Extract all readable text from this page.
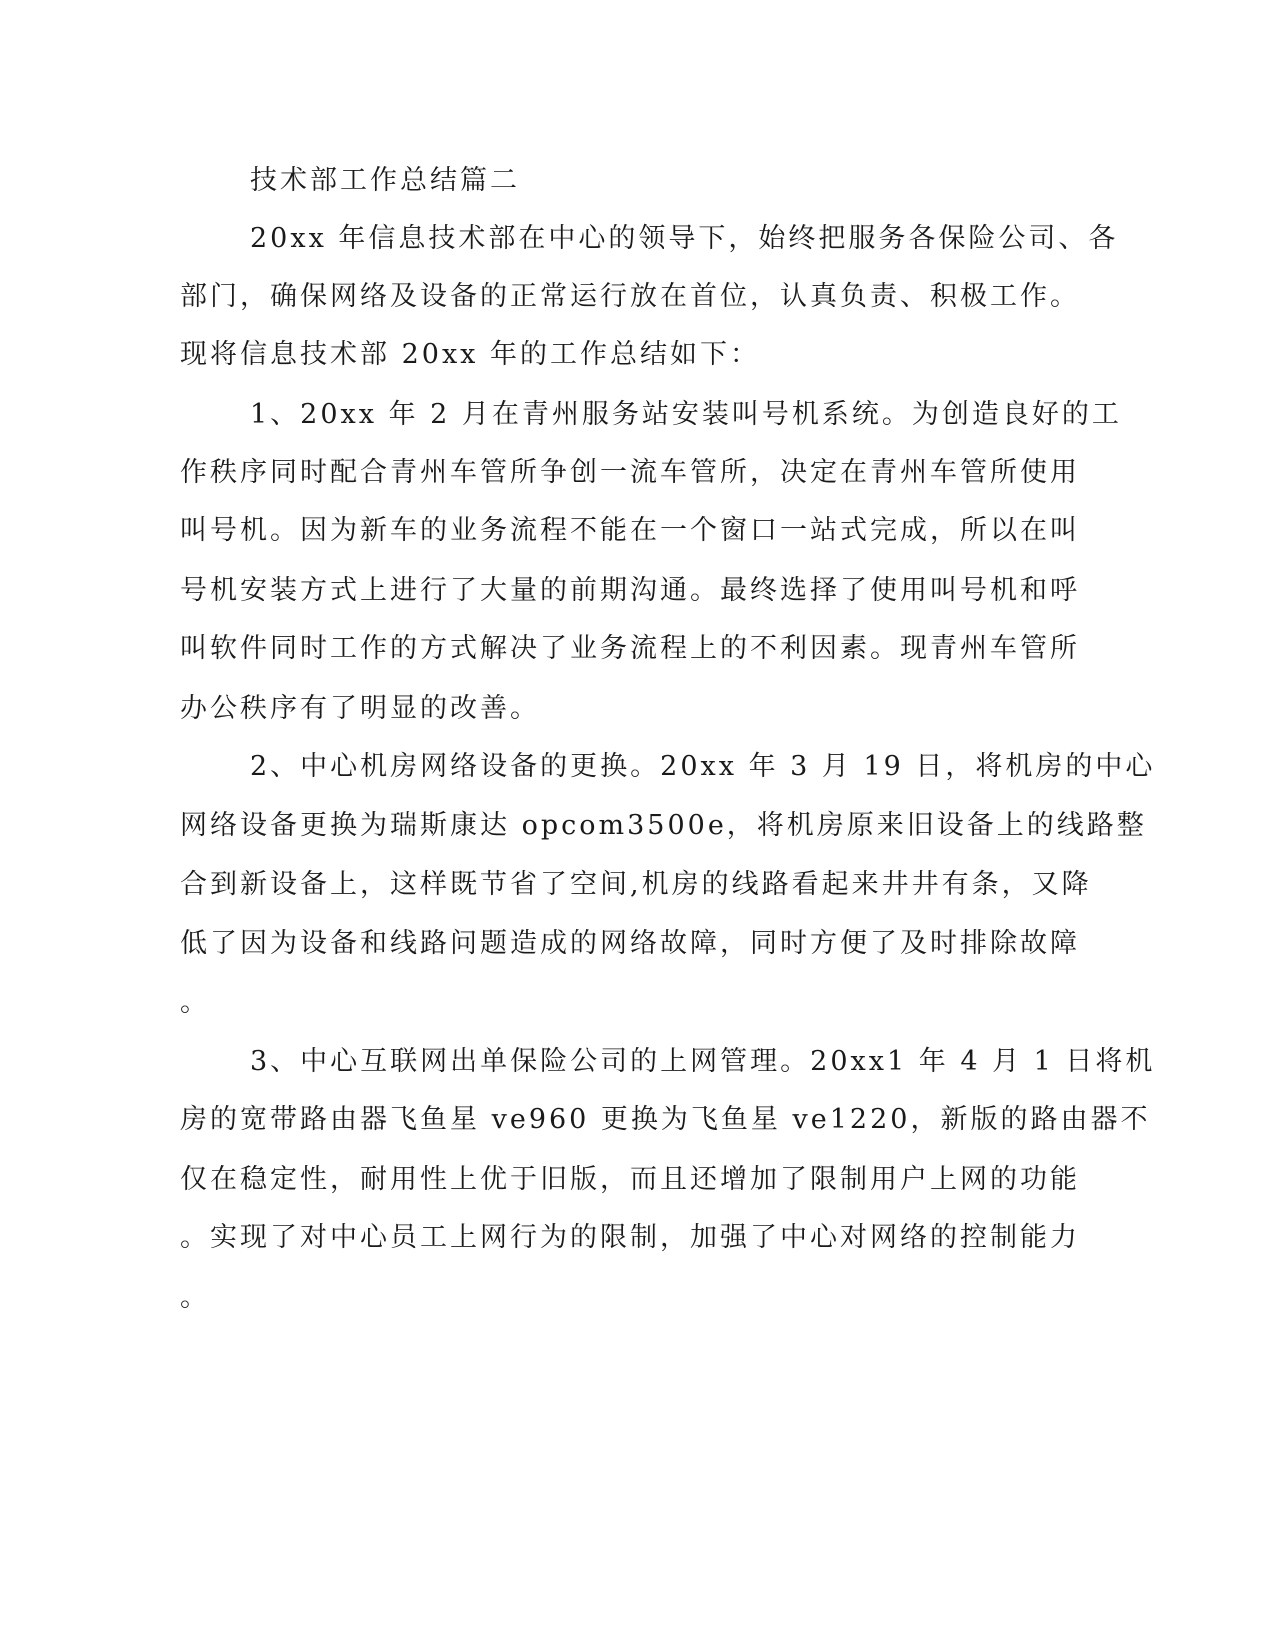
技术部工作总结篇二
20xx 年信息技术部在中心的领导下，始终把服务各保险公司、各
部门，确保网络及设备的正常运行放在首位，认真负责、积极工作。
现将信息技术部 20xx 年的工作总结如下：
1、20xx 年 2 月在青州服务站安装叫号机系统。为创造良好的工
作秩序同时配合青州车管所争创一流车管所，决定在青州车管所使用
叫号机。因为新车的业务流程不能在一个窗口一站式完成，所以在叫
号机安装方式上进行了大量的前期沟通。最终选择了使用叫号机和呼
叫软件同时工作的方式解决了业务流程上的不利因素。现青州车管所
办公秩序有了明显的改善。
2、中心机房网络设备的更换。20xx 年 3 月 19 日，将机房的中心
网络设备更换为瑞斯康达 opcom3500e，将机房原来旧设备上的线路整
合到新设备上，这样既节省了空间,机房的线路看起来井井有条，又降
低了因为设备和线路问题造成的网络故障，同时方便了及时排除故障
。
3、中心互联网出单保险公司的上网管理。20xx1 年 4 月 1 日将机
房的宽带路由器飞鱼星 ve960 更换为飞鱼星 ve1220，新版的路由器不
仅在稳定性，耐用性上优于旧版，而且还增加了限制用户上网的功能
。实现了对中心员工上网行为的限制，加强了中心对网络的控制能力
。
